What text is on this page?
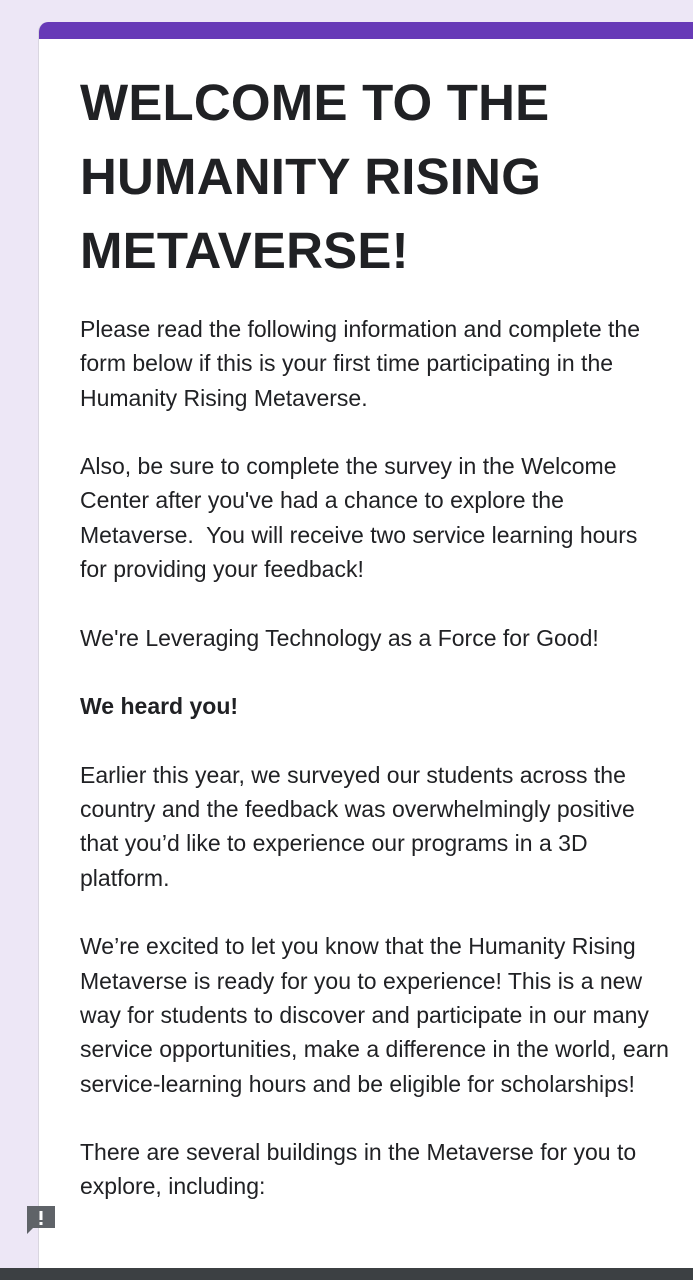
WELCOME TO THE HUMANITY RISING METAVERSE!

Please read the following information and complete the form below if this is your first time participating in the Humanity Rising Metaverse.

Also, be sure to complete the survey in the Welcome Center after you've had a chance to explore the Metaverse.  You will receive two service learning hours for providing your feedback!

We're Leveraging Technology as a Force for Good!

We heard you!

Earlier this year, we surveyed our students across the country and the feedback was overwhelmingly positive that you’d like to experience our programs in a 3D platform.

We’re excited to let you know that the Humanity Rising Metaverse is ready for you to experience! This is a new way for students to discover and participate in our many service opportunities, make a difference in the world, earn service-learning hours and be eligible for scholarships!

There are several buildings in the Metaverse for you to explore, including:
